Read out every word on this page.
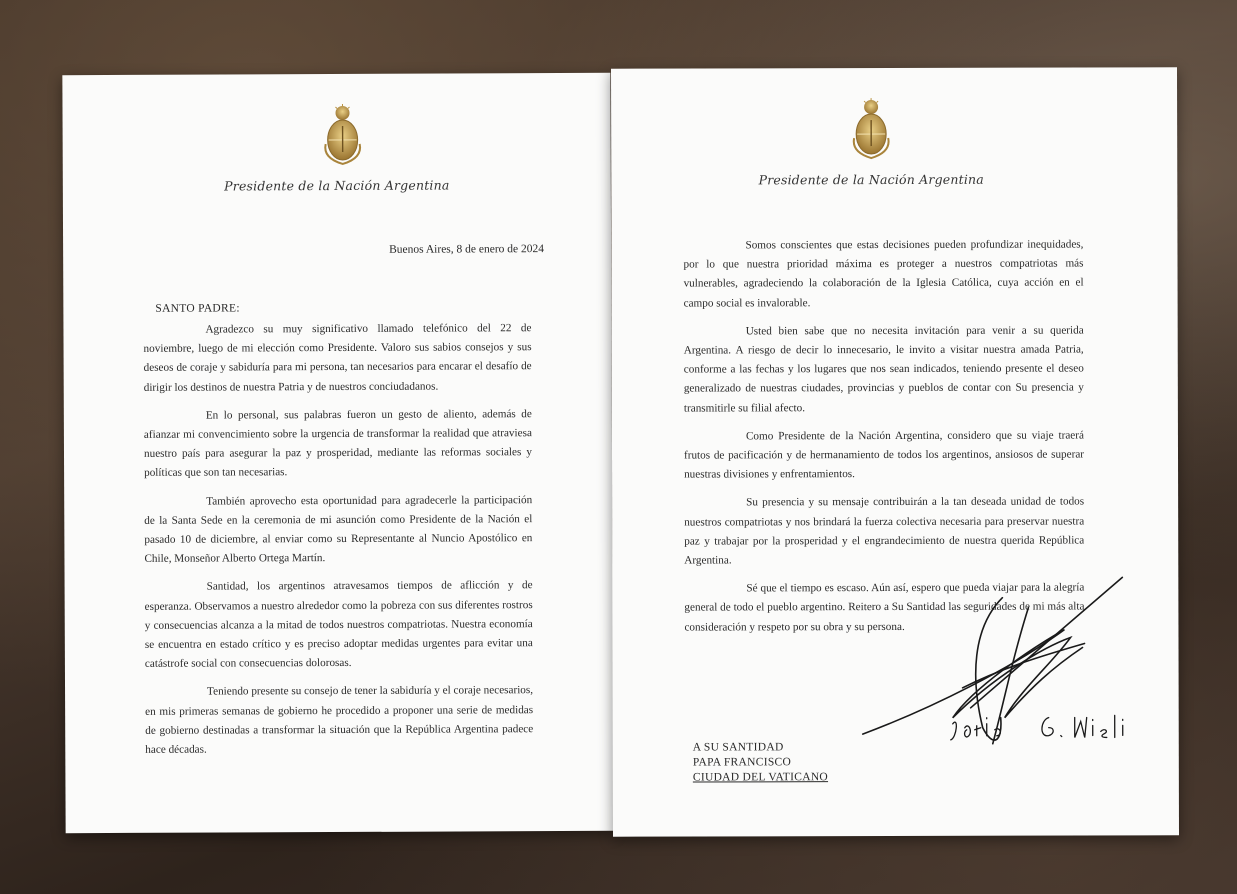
Presidente de la Nación Argentina
Buenos Aires, 8 de enero de 2024
SANTO PADRE:

Agradezco su muy significativo llamado telefónico del 22 de noviembre, luego de mi elección como Presidente. Valoro sus sabios consejos y sus deseos de coraje y sabiduría para mi persona, tan necesarios para encarar el desafío de dirigir los destinos de nuestra Patria y de nuestros conciudadanos.

En lo personal, sus palabras fueron un gesto de aliento, además de afianzar mi convencimiento sobre la urgencia de transformar la realidad que atraviesa nuestro país para asegurar la paz y prosperidad, mediante las reformas sociales y políticas que son tan necesarias.

También aprovecho esta oportunidad para agradecerle la participación de la Santa Sede en la ceremonia de mi asunción como Presidente de la Nación el pasado 10 de diciembre, al enviar como su Representante al Nuncio Apostólico en Chile, Monseñor Alberto Ortega Martín.

Santidad, los argentinos atravesamos tiempos de aflicción y de esperanza. Observamos a nuestro alrededor como la pobreza con sus diferentes rostros y consecuencias alcanza a la mitad de todos nuestros compatriotas. Nuestra economía se encuentra en estado crítico y es preciso adoptar medidas urgentes para evitar una catástrofe social con consecuencias dolorosas.

Teniendo presente su consejo de tener la sabiduría y el coraje necesarios, en mis primeras semanas de gobierno he procedido a proponer una serie de medidas de gobierno destinadas a transformar la situación que la República Argentina padece hace décadas.

Presidente de la Nación Argentina

Somos conscientes que estas decisiones pueden profundizar inequidades, por lo que nuestra prioridad máxima es proteger a nuestros compatriotas más vulnerables, agradeciendo la colaboración de la Iglesia Católica, cuya acción en el campo social es invalorable.

Usted bien sabe que no necesita invitación para venir a su querida Argentina. A riesgo de decir lo innecesario, le invito a visitar nuestra amada Patria, conforme a las fechas y los lugares que nos sean indicados, teniendo presente el deseo generalizado de nuestras ciudades, provincias y pueblos de contar con Su presencia y transmitirle su filial afecto.

Como Presidente de la Nación Argentina, considero que su viaje traerá frutos de pacificación y de hermanamiento de todos los argentinos, ansiosos de superar nuestras divisiones y enfrentamientos.

Su presencia y su mensaje contribuirán a la tan deseada unidad de todos nuestros compatriotas y nos brindará la fuerza colectiva necesaria para preservar nuestra paz y trabajar por la prosperidad y el engrandecimiento de nuestra querida República Argentina.

Sé que el tiempo es escaso. Aún así, espero que pueda viajar para la alegría general de todo el pueblo argentino. Reitero a Su Santidad las seguridades de mi más alta consideración y respeto por su obra y su persona.

A SU SANTIDAD
PAPA FRANCISCO
CIUDAD DEL VATICANO
